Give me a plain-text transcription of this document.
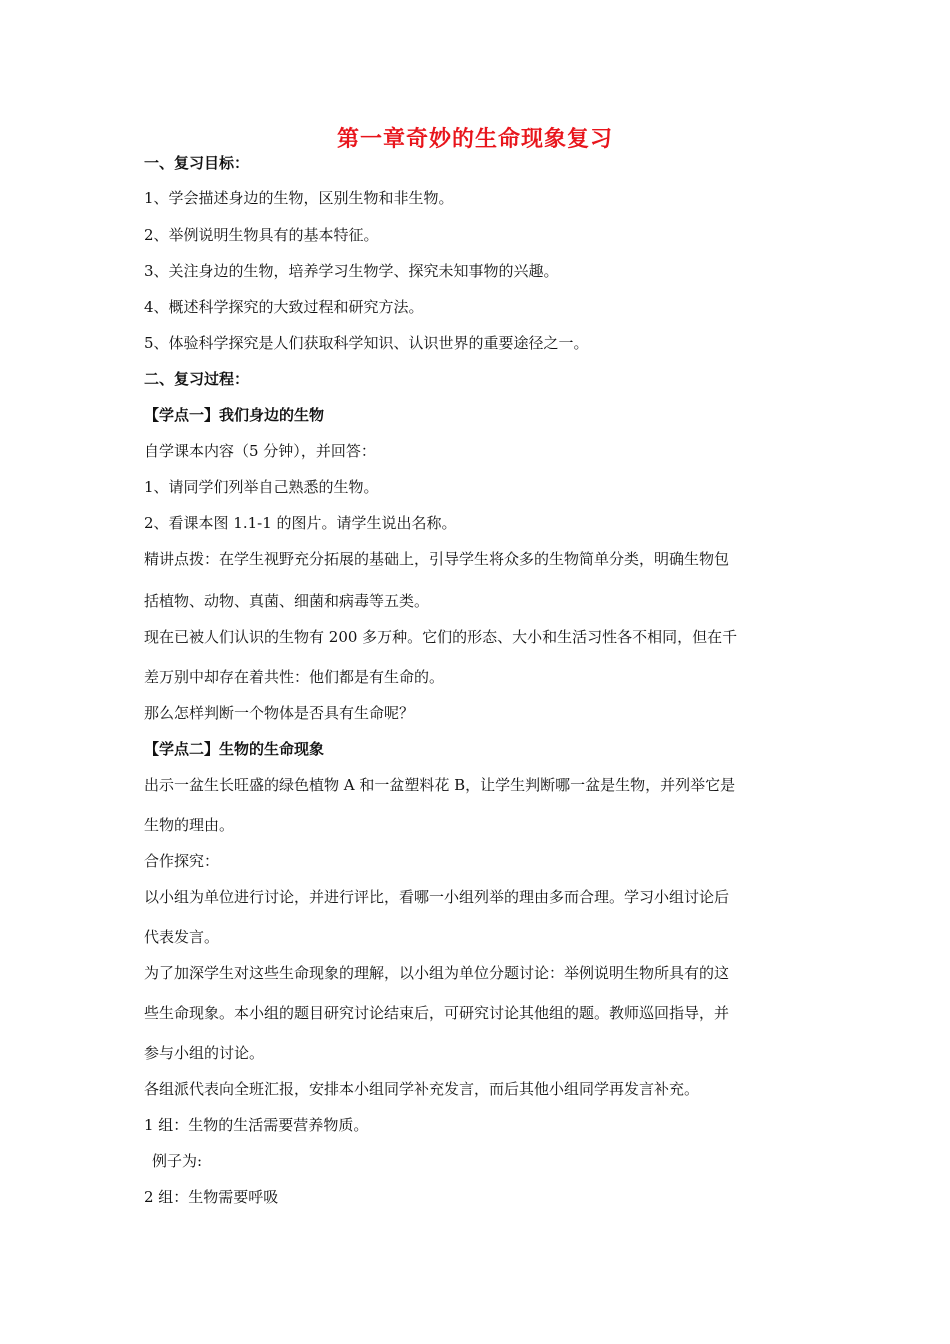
第一章奇妙的生命现象复习
一、复习目标：
1、学会描述身边的生物，区别生物和非生物。
2、举例说明生物具有的基本特征。
3、关注身边的生物，培养学习生物学、探究未知事物的兴趣。
4、概述科学探究的大致过程和研究方法。
5、体验科学探究是人们获取科学知识、认识世界的重要途径之一。
二、复习过程：
【学点一】我们身边的生物
自学课本内容（5 分钟），并回答：
1、请同学们列举自己熟悉的生物。
2、看课本图 1.1-1 的图片。请学生说出名称。
精讲点拨：在学生视野充分拓展的基础上，引导学生将众多的生物简单分类，明确生物包
括植物、动物、真菌、细菌和病毒等五类。
现在已被人们认识的生物有 200 多万种。它们的形态、大小和生活习性各不相同，但在千
差万别中却存在着共性：他们都是有生命的。
那么怎样判断一个物体是否具有生命呢？
【学点二】生物的生命现象
出示一盆生长旺盛的绿色植物 A 和一盆塑料花 B，让学生判断哪一盆是生物，并列举它是
生物的理由。
合作探究：
以小组为单位进行讨论，并进行评比，看哪一小组列举的理由多而合理。学习小组讨论后
代表发言。
为了加深学生对这些生命现象的理解，以小组为单位分题讨论：举例说明生物所具有的这
些生命现象。本小组的题目研究讨论结束后，可研究讨论其他组的题。教师巡回指导，并
参与小组的讨论。
各组派代表向全班汇报，安排本小组同学补充发言，而后其他小组同学再发言补充。
1 组：生物的生活需要营养物质。
例子为:
2 组：生物需要呼吸
